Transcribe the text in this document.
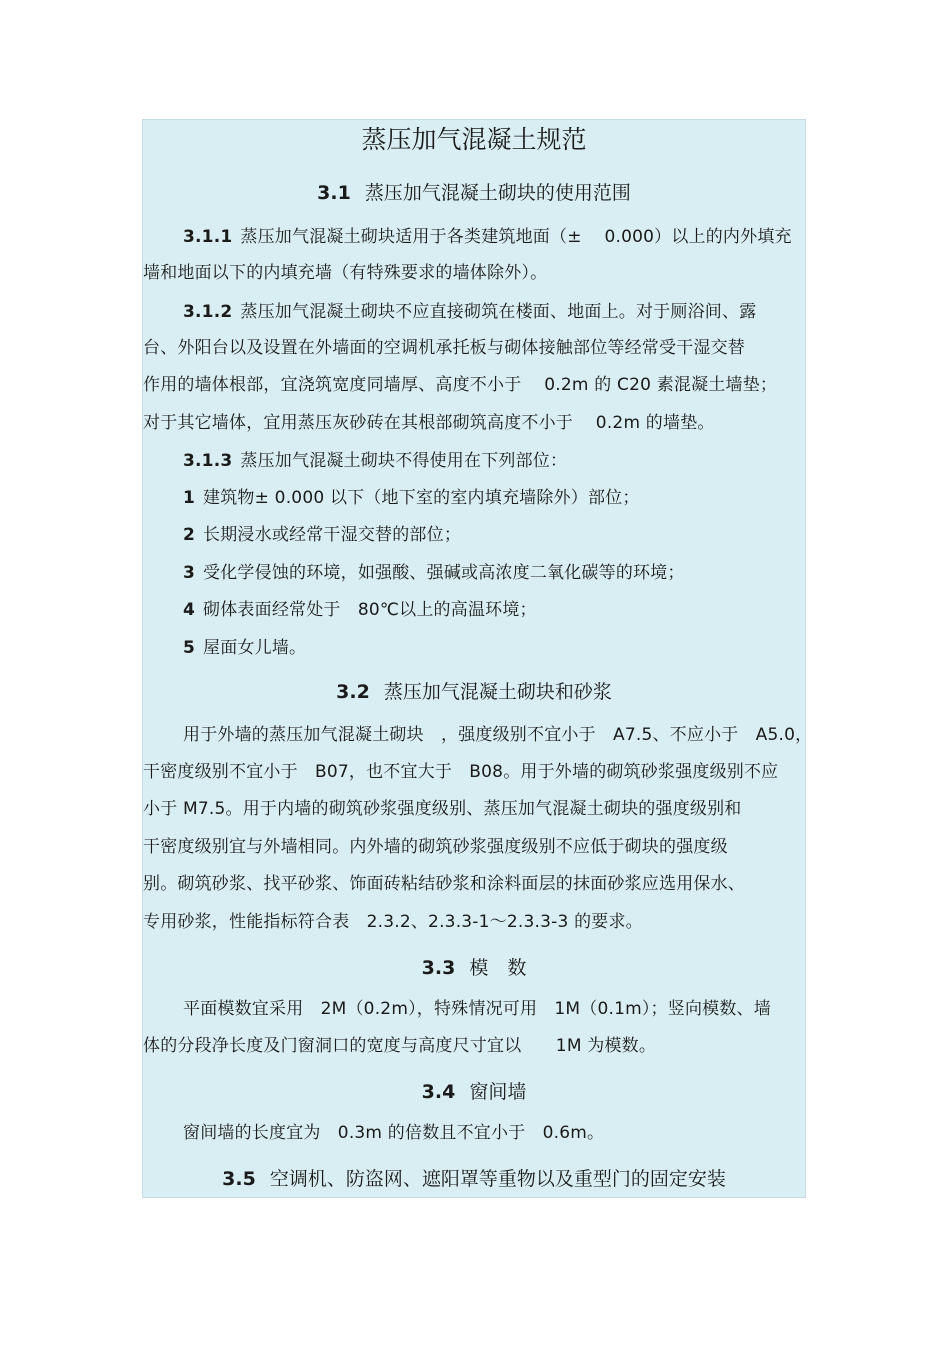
蒸压加气混凝土规范
3.1 蒸压加气混凝土砌块的使用范围
3.1.1 蒸压加气混凝土砌块适用于各类建筑地面（±　 0.000）以上的内外填充
墙和地面以下的内填充墙（有特殊要求的墙体除外）。
3.1.2 蒸压加气混凝土砌块不应直接砌筑在楼面、地面上。对于厕浴间、露
台、外阳台以及设置在外墙面的空调机承托板与砌体接触部位等经常受干湿交替
作用的墙体根部，宜浇筑宽度同墙厚、高度不小于　 0.2m 的 C20 素混凝土墙垫；
对于其它墙体，宜用蒸压灰砂砖在其根部砌筑高度不小于　 0.2m 的墙垫。
3.1.3 蒸压加气混凝土砌块不得使用在下列部位：
1 建筑物± 0.000 以下（地下室的室内填充墙除外）部位；
2 长期浸水或经常干湿交替的部位；
3 受化学侵蚀的环境，如强酸、强碱或高浓度二氧化碳等的环境；
4 砌体表面经常处于　80℃以上的高温环境；
5 屋面女儿墙。
3.2 蒸压加气混凝土砌块和砂浆
用于外墙的蒸压加气混凝土砌块　，强度级别不宜小于　A7.5、不应小于　A5.0，
干密度级别不宜小于　B07，也不宜大于　B08。用于外墙的砌筑砂浆强度级别不应
小于 M7.5。用于内墙的砌筑砂浆强度级别、蒸压加气混凝土砌块的强度级别和
干密度级别宜与外墙相同。内外墙的砌筑砂浆强度级别不应低于砌块的强度级
别。砌筑砂浆、找平砂浆、饰面砖粘结砂浆和涂料面层的抹面砂浆应选用保水、
专用砂浆，性能指标符合表　2.3.2、2.3.3-1～2.3.3-3 的要求。
3.3 模　数
平面模数宜采用　2M（0.2m），特殊情况可用　1M（0.1m）；竖向模数、墙
体的分段净长度及门窗洞口的宽度与高度尺寸宜以　　1M 为模数。
3.4 窗间墙
窗间墙的长度宜为　0.3m 的倍数且不宜小于　0.6m。
3.5 空调机、防盗网、遮阳罩等重物以及重型门的固定安装
